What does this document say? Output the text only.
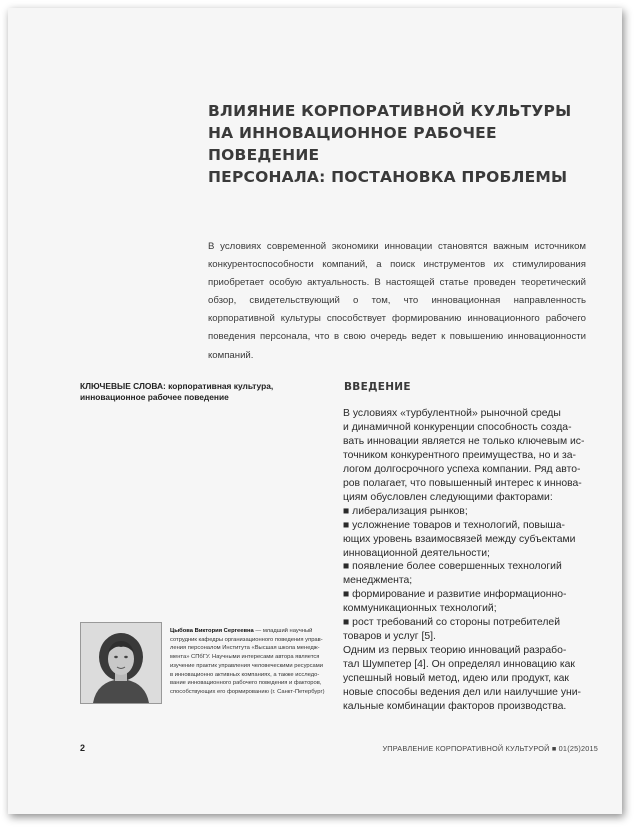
ВЛИЯНИЕ КОРПОРАТИВНОЙ КУЛЬТУРЫ
НА ИННОВАЦИОННОЕ РАБОЧЕЕ ПОВЕДЕНИЕ
ПЕРСОНАЛА: ПОСТАНОВКА ПРОБЛЕМЫ

В условиях современной экономики инновации становятся важным источником конкурентоспособности компаний, а поиск инструментов их стимулирования приобретает особую актуальность. В настоящей статье проведен теоретический обзор, свидетельствующий о том, что инновационная направленность корпоративной культуры способствует формированию инновационного рабочего поведения персонала, что в свою очередь ведет к повышению инновационности компаний.

КЛЮЧЕВЫЕ СЛОВА: корпоративная культура, инновационное рабочее поведение

ВВЕДЕНИЕ
В условиях «турбулентной» рыночной среды
и динамичной конкуренции способность созда-
вать инновации является не только ключевым ис-
точником конкурентного преимущества, но и за-
логом долгосрочного успеха компании. Ряд авто-
ров полагает, что повышенный интерес к иннова-
циям обусловлен следующими факторами:
■ либерализация рынков;
■ усложнение товаров и технологий, повыша-
ющих уровень взаимосвязей между субъектами
инновационной деятельности;
■ появление более совершенных технологий
менеджмента;
■ формирование и развитие информационно-
коммуникационных технологий;
■ рост требований со стороны потребителей
товаров и услуг [5].
Одним из первых теорию инноваций разрабо-
тал Шумпетер [4]. Он определял инновацию как
успешный новый метод, идею или продукт, как
новые способы ведения дел или наилучшие уни-
кальные комбинации факторов производства.
Цыбова Виктория Сергеевна — младший научный
сотрудник кафедры организационного поведения управ-
ления персоналом Института «Высшая школа менедж-
мента» СПбГУ. Научными интересами автора является
изучение практик управления человеческими ресурсами
в инновационно активных компаниях, а также исследо-
вание инновационного рабочего поведения и факторов,
способствующих его формированию (г. Санкт-Петербург)

2	УПРАВЛЕНИЕ КОРПОРАТИВНОЙ КУЛЬТУРОЙ ■ 01(25)2015
